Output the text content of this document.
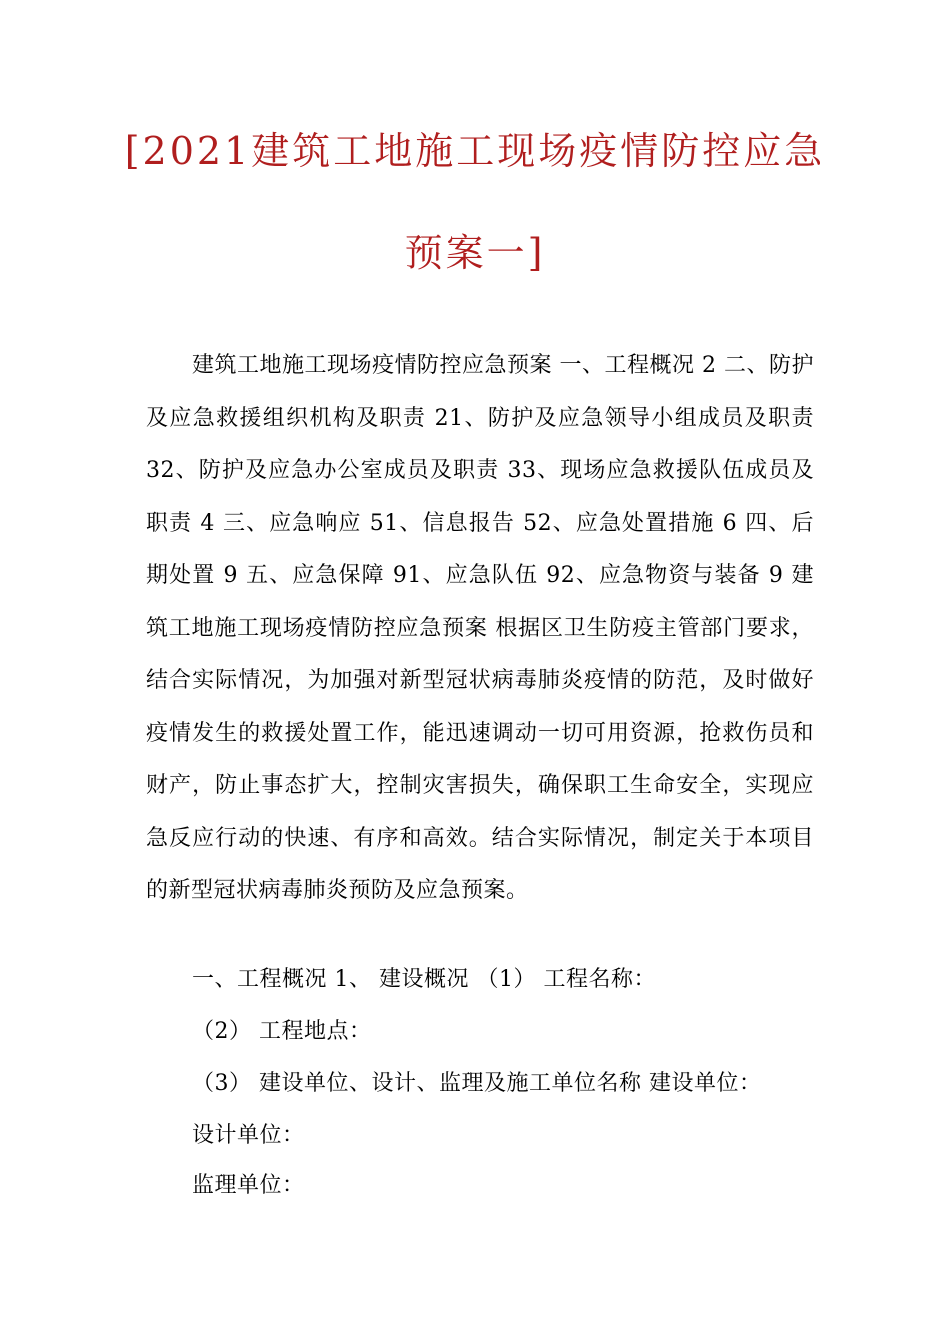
[2021建筑工地施工现场疫情防控应急
预案一]

建筑工地施工现场疫情防控应急预案 一、工程概况 2 二、防护及应急救援组织机构及职责 21、防护及应急领导小组成员及职责 32、防护及应急办公室成员及职责 33、现场应急救援队伍成员及职责 4 三、应急响应 51、信息报告 52、应急处置措施 6 四、后期处置 9 五、应急保障 91、应急队伍 92、应急物资与装备 9 建筑工地施工现场疫情防控应急预案 根据区卫生防疫主管部门要求，结合实际情况，为加强对新型冠状病毒肺炎疫情的防范，及时做好疫情发生的救援处置工作，能迅速调动一切可用资源，抢救伤员和财产，防止事态扩大，控制灾害损失，确保职工生命安全，实现应急反应行动的快速、有序和高效。结合实际情况，制定关于本项目的新型冠状病毒肺炎预防及应急预案。

一、工程概况 1、 建设概况 （1） 工程名称：

（2） 工程地点：

（3） 建设单位、设计、监理及施工单位名称 建设单位：

设计单位：

监理单位：
